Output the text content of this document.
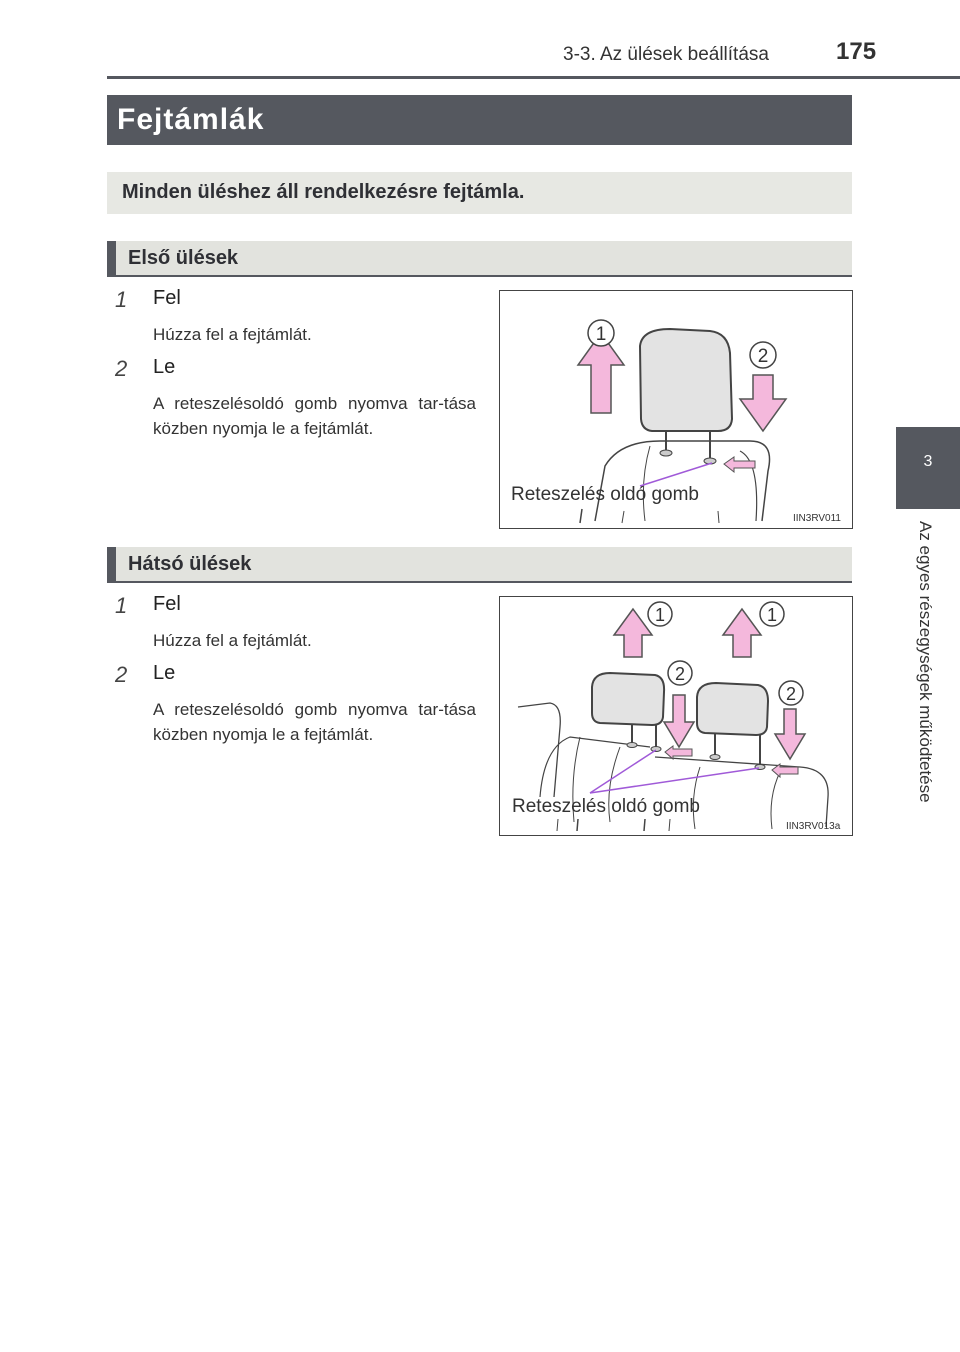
3-3. Az ülések beállítása	175
Fejtámlák
Minden üléshez áll rendelkezésre fejtámla.
Első ülések
1 Fel
Húzza fel a fejtámlát.
2 Le
A reteszelésoldó gomb nyomva tar-tása közben nyomja le a fejtámlát.
1
2
Reteszelés oldó gomb
IIN3RV011
Hátsó ülések
1 Fel
Húzza fel a fejtámlát.
2 Le
A reteszelésoldó gomb nyomva tar-tása közben nyomja le a fejtámlát.
1	1
2
2
Reteszelés oldó gomb
IIN3RV013a
3
Az egyes részegységek működtetése
